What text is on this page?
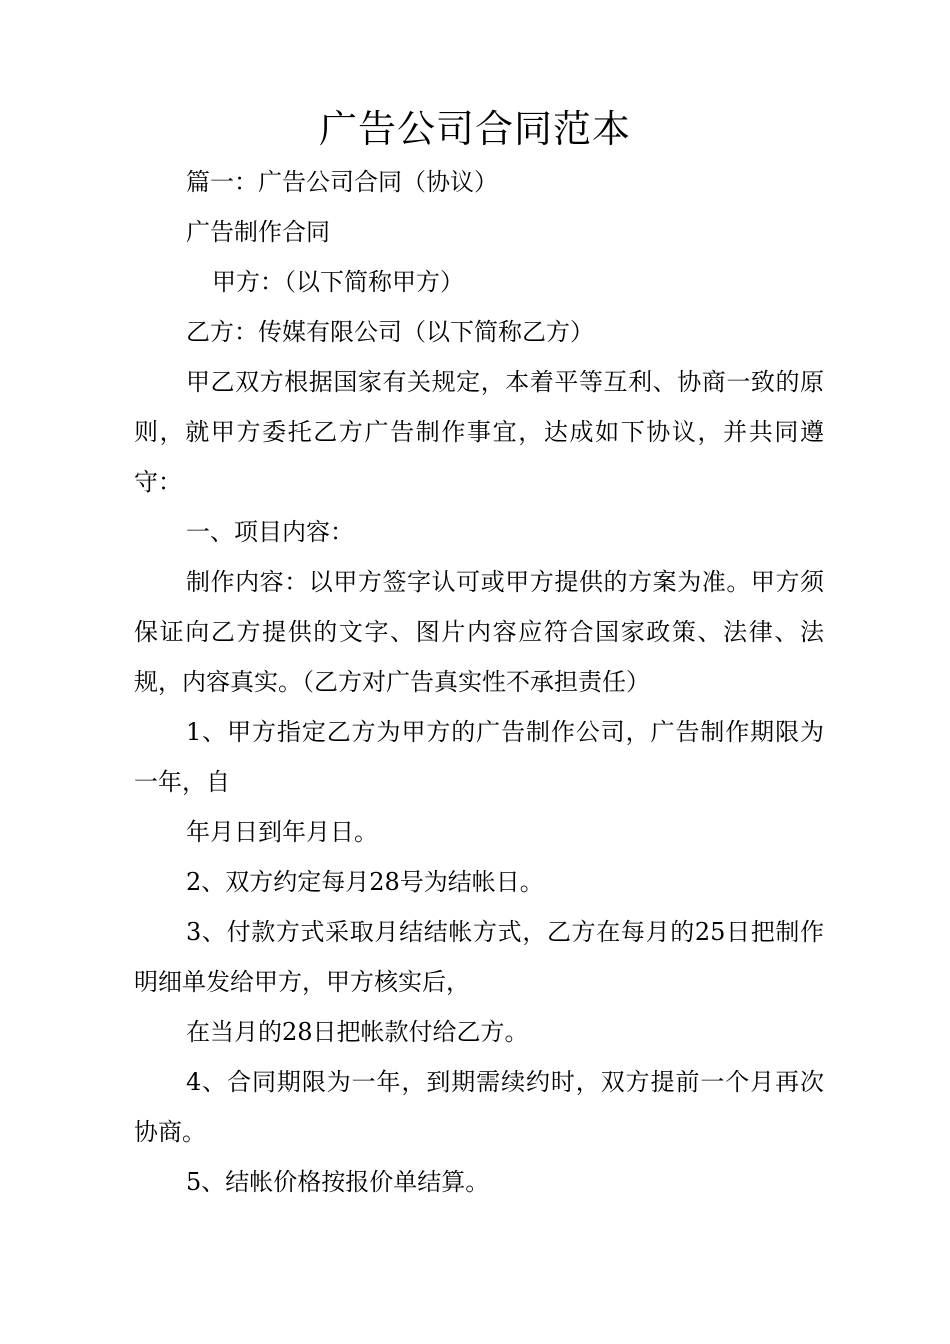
广告公司合同范本

篇一：广告公司合同（协议）

广告制作合同

甲方：（以下简称甲方）

乙方：传媒有限公司（以下简称乙方）

甲乙双方根据国家有关规定，本着平等互利、协商一致的原则，就甲方委托乙方广告制作事宜，达成如下协议，并共同遵守：

一、项目内容：

制作内容：以甲方签字认可或甲方提供的方案为准。甲方须保证向乙方提供的文字、图片内容应符合国家政策、法律、法规，内容真实。（乙方对广告真实性不承担责任）

1、甲方指定乙方为甲方的广告制作公司，广告制作期限为一年，自

年月日到年月日。

2、双方约定每月28号为结帐日。

3、付款方式采取月结结帐方式，乙方在每月的25日把制作明细单发给甲方，甲方核实后，

在当月的28日把帐款付给乙方。

4、合同期限为一年，到期需续约时，双方提前一个月再次协商。

5、结帐价格按报价单结算。
